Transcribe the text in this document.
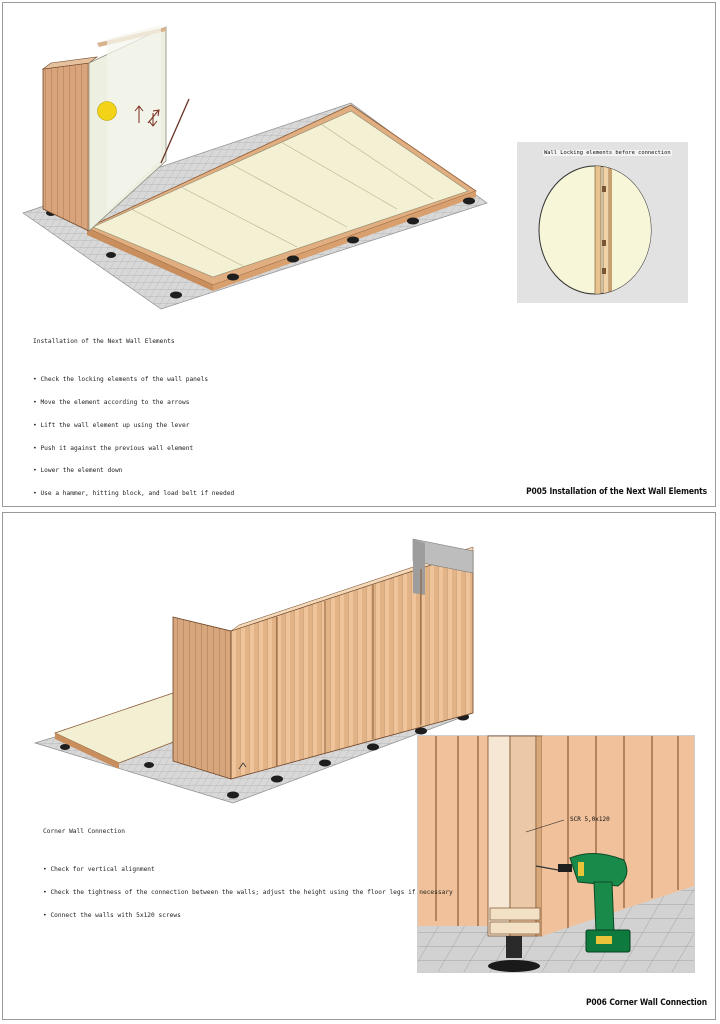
Wall Locking elements before connection

Installation of the Next Wall Elements

• Check the locking elements of the wall panels

• Move the element according to the arrows

• Lift the wall element up using the lever

• Push it against the previous wall element

• Lower the element down

• Use a hammer, hitting block, and load belt if needed

•

	P005 Installation of the Next Wall Elements
SCR 5,0x120

Corner Wall Connection

• Check for vertical alignment

• Check the tightness of the connection between the walls; adjust the height using the floor legs if necessary

• Connect the walls with 5x120 screws

P006 Corner Wall Connection
